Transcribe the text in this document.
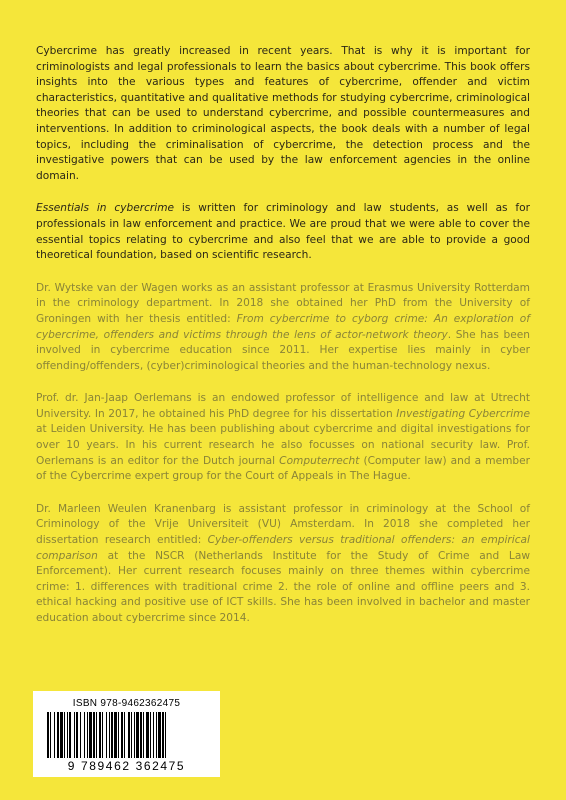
Cybercrime has greatly increased in recent years. That is why it is important for criminologists and legal professionals to learn the basics about cybercrime. This book offers insights into the various types and features of cybercrime, offender and victim characteristics, quantitative and qualitative methods for studying cybercrime, criminological theories that can be used to understand cybercrime, and possible countermeasures and interventions. In addition to criminological aspects, the book deals with a number of legal topics, including the criminalisation of cybercrime, the detection process and the investigative powers that can be used by the law enforcement agencies in the online domain.

Essentials in cybercrime is written for criminology and law students, as well as for professionals in law enforcement and practice. We are proud that we were able to cover the essential topics relating to cybercrime and also feel that we are able to provide a good theoretical foundation, based on scientific research.

Dr. Wytske van der Wagen works as an assistant professor at Erasmus University Rotterdam in the criminology department. In 2018 she obtained her PhD from the University of Groningen with her thesis entitled: From cybercrime to cyborg crime: An exploration of cybercrime, offenders and victims through the lens of actor-network theory. She has been involved in cybercrime education since 2011. Her expertise lies mainly in cyber offending/offenders, (cyber)criminological theories and the human-technology nexus.

Prof. dr. Jan-Jaap Oerlemans is an endowed professor of intelligence and law at Utrecht University. In 2017, he obtained his PhD degree for his dissertation Investigating Cybercrime at Leiden University. He has been publishing about cybercrime and digital investigations for over 10 years. In his current research he also focusses on national security law. Prof. Oerlemans is an editor for the Dutch journal Computerrecht (Computer law) and a member of the Cybercrime expert group for the Court of Appeals in The Hague.

Dr. Marleen Weulen Kranenbarg is assistant professor in criminology at the School of Criminology of the Vrije Universiteit (VU) Amsterdam. In 2018 she completed her dissertation research entitled: Cyber-offenders versus traditional offenders: an empirical comparison at the NSCR (Netherlands Institute for the Study of Crime and Law Enforcement). Her current research focuses mainly on three themes within cybercrime crime: 1. differences with traditional crime 2. the role of online and offline peers and 3. ethical hacking and positive use of ICT skills. She has been involved in bachelor and master education about cybercrime since 2014.

ISBN 978-9462362475
9 789462 362475
